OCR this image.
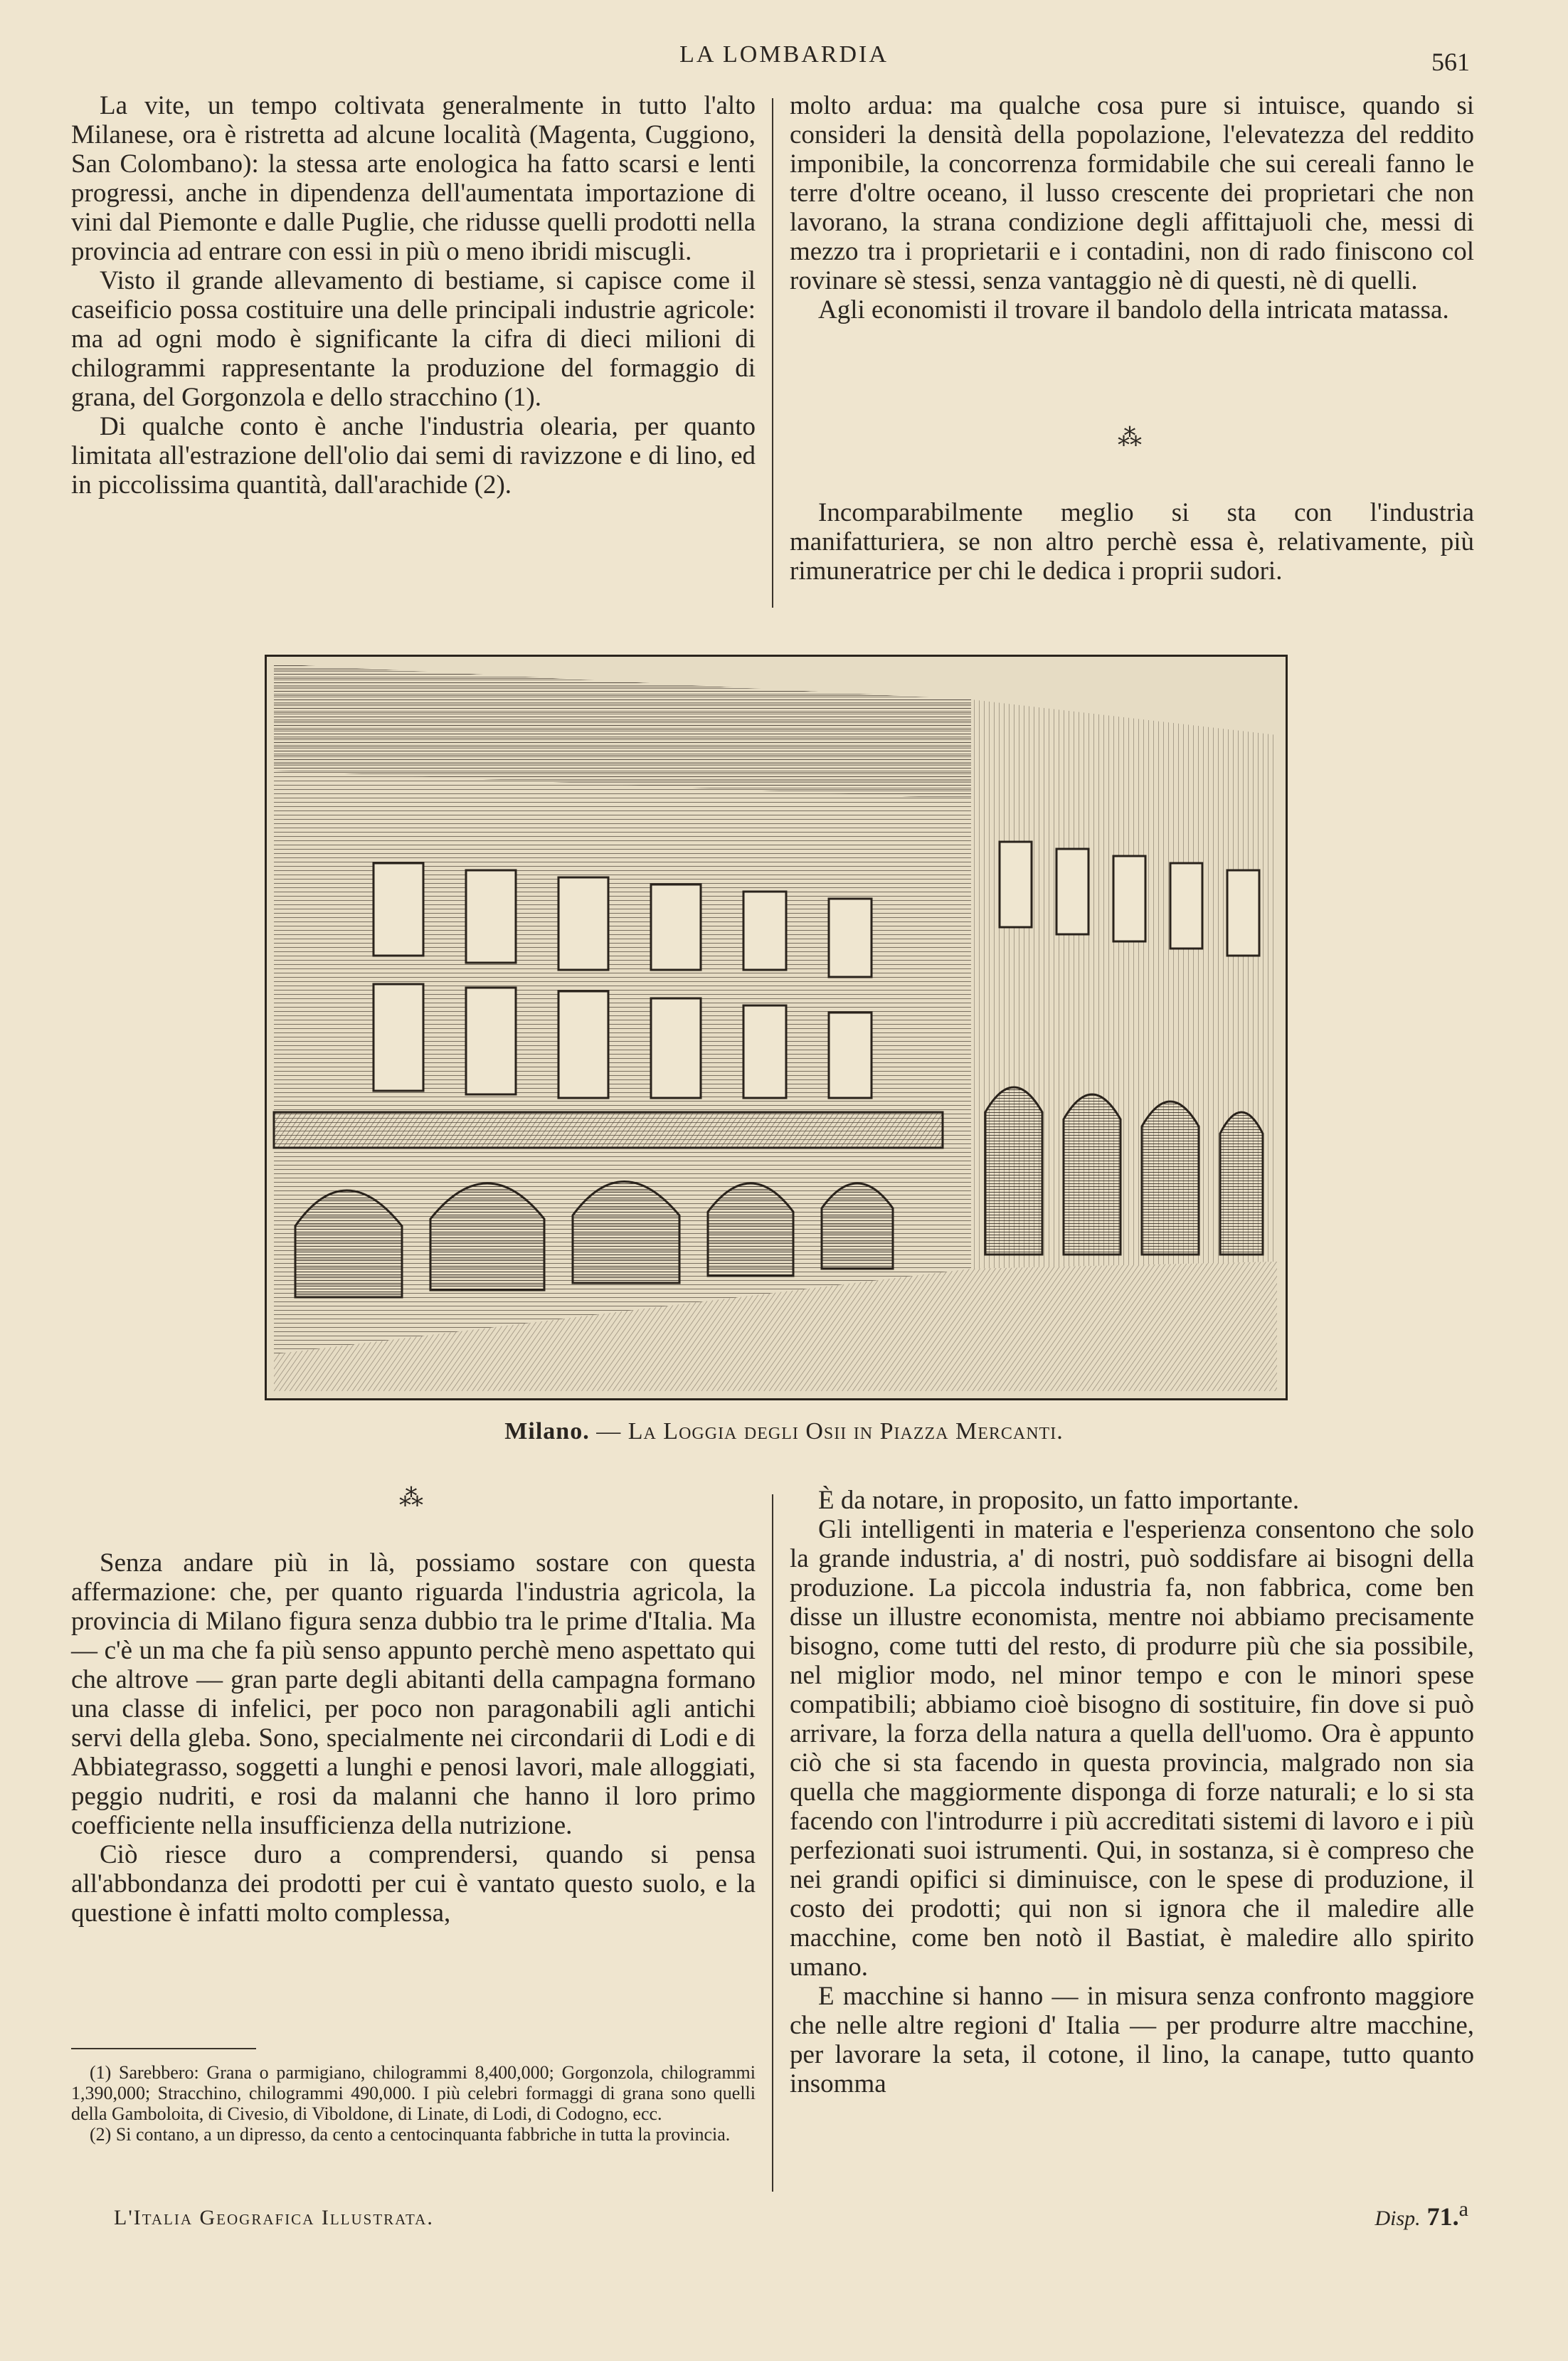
LA LOMBARDIA	561

La vite, un tempo coltivata generalmente in tutto l'alto Milanese, ora è ristretta ad alcune località (Magenta, Cuggiono, San Colombano): la stessa arte enologica ha fatto scarsi e lenti progressi, anche in dipendenza dell'aumentata importazione di vini dal Piemonte e dalle Puglie, che ridusse quelli prodotti nella provincia ad entrare con essi in più o meno ibridi miscugli.

Visto il grande allevamento di bestiame, si capisce come il caseificio possa costituire una delle principali industrie agricole: ma ad ogni modo è significante la cifra di dieci milioni di chilogrammi rappresentante la produzione del formaggio di grana, del Gorgonzola e dello stracchino (1).

Di qualche conto è anche l'industria olearia, per quanto limitata all'estrazione dell'olio dai semi di ravizzone e di lino, ed in piccolissima quantità, dall'arachide (2).

molto ardua: ma qualche cosa pure si intuisce, quando si consideri la densità della popolazione, l'elevatezza del reddito imponibile, la concorrenza formidabile che sui cereali fanno le terre d'oltre oceano, il lusso crescente dei proprietari che non lavorano, la strana condizione degli affittajuoli che, messi di mezzo tra i proprietarii e i contadini, non di rado finiscono col rovinare sè stessi, senza vantaggio nè di questi, nè di quelli.

Agli economisti il trovare il bandolo della intricata matassa.

⁂

Incomparabilmente meglio si sta con l'industria manifatturiera, se non altro perchè essa è, relativamente, più rimuneratrice per chi le dedica i proprii sudori.

Milano. — La Loggia degli Osii in Piazza Mercanti.
⁂

Senza andare più in là, possiamo sostare con questa affermazione: che, per quanto riguarda l'industria agricola, la provincia di Milano figura senza dubbio tra le prime d'Italia. Ma — c'è un ma che fa più senso appunto perchè meno aspettato qui che altrove — gran parte degli abitanti della campagna formano una classe di infelici, per poco non paragonabili agli antichi servi della gleba. Sono, specialmente nei circondarii di Lodi e di Abbiategrasso, soggetti a lunghi e penosi lavori, male alloggiati, peggio nudriti, e rosi da malanni che hanno il loro primo coefficiente nella insufficienza della nutrizione.

Ciò riesce duro a comprendersi, quando si pensa all'abbondanza dei prodotti per cui è vantato questo suolo, e la questione è infatti molto complessa,

È da notare, in proposito, un fatto importante.

Gli intelligenti in materia e l'esperienza consentono che solo la grande industria, a' di nostri, può soddisfare ai bisogni della produzione. La piccola industria fa, non fabbrica, come ben disse un illustre economista, mentre noi abbiamo precisamente bisogno, come tutti del resto, di produrre più che sia possibile, nel miglior modo, nel minor tempo e con le minori spese compatibili; abbiamo cioè bisogno di sostituire, fin dove si può arrivare, la forza della natura a quella dell'uomo. Ora è appunto ciò che si sta facendo in questa provincia, malgrado non sia quella che maggiormente disponga di forze naturali; e lo si sta facendo con l'introdurre i più accreditati sistemi di lavoro e i più perfezionati suoi istrumenti. Qui, in sostanza, si è compreso che nei grandi opifici si diminuisce, con le spese di produzione, il costo dei prodotti; qui non si ignora che il maledire alle macchine, come ben notò il Bastiat, è maledire allo spirito umano.

E macchine si hanno — in misura senza confronto maggiore che nelle altre regioni d' Italia — per produrre altre macchine, per lavorare la seta, il cotone, il lino, la canape, tutto quanto insomma

(1) Sarebbero: Grana o parmigiano, chilogrammi 8,400,000; Gorgonzola, chilogrammi 1,390,000; Stracchino, chilogrammi 490,000. I più celebri formaggi di grana sono quelli della Gamboloita, di Civesio, di Viboldone, di Linate, di Lodi, di Codogno, ecc.

(2) Si contano, a un dipresso, da cento a centocinquanta fabbriche in tutta la provincia.

L'Italia Geografica Illustrata.	Disp. 71.$^a$
